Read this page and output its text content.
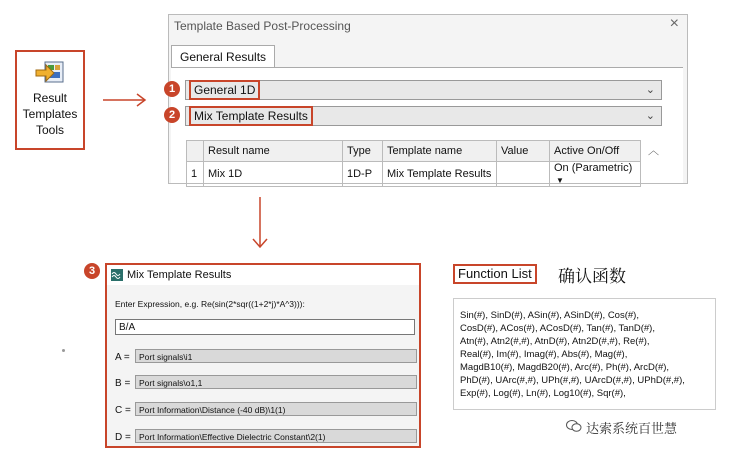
Result
Templates
Tools
Template Based Post-Processing	×
General Results
1	General 1D	⌄
2	Mix Template Results	⌄
	Result name	Type	Template name	Value	Active On/Off
1	Mix 1D	1D-P	Mix Template Results		On (Parametric) ▼
︿
3	Mix Template Results
Enter Expression, e.g. Re(sin(2*sqr((1+2*j)*A^3))):
B/A
A =	Port signals\i1
B =	Port signals\o1,1
C = Port Information\Distance (-40 dB)\1(1)
D = Port Information\Effective Dielectric Constant\2(1)
Function List 确认函数
Sin(#), SinD(#), ASin(#), ASinD(#), Cos(#),
CosD(#), ACos(#), ACosD(#), Tan(#), TanD(#),
Atn(#), Atn2(#,#), AtnD(#), Atn2D(#,#), Re(#),
Real(#), Im(#), Imag(#), Abs(#), Mag(#),
MagdB10(#), MagdB20(#), Arc(#), Ph(#), ArcD(#),
PhD(#), UArc(#,#), UPh(#,#), UArcD(#,#), UPhD(#,#),
Exp(#), Log(#), Ln(#), Log10(#), Sqr(#),
达索系统百世慧
